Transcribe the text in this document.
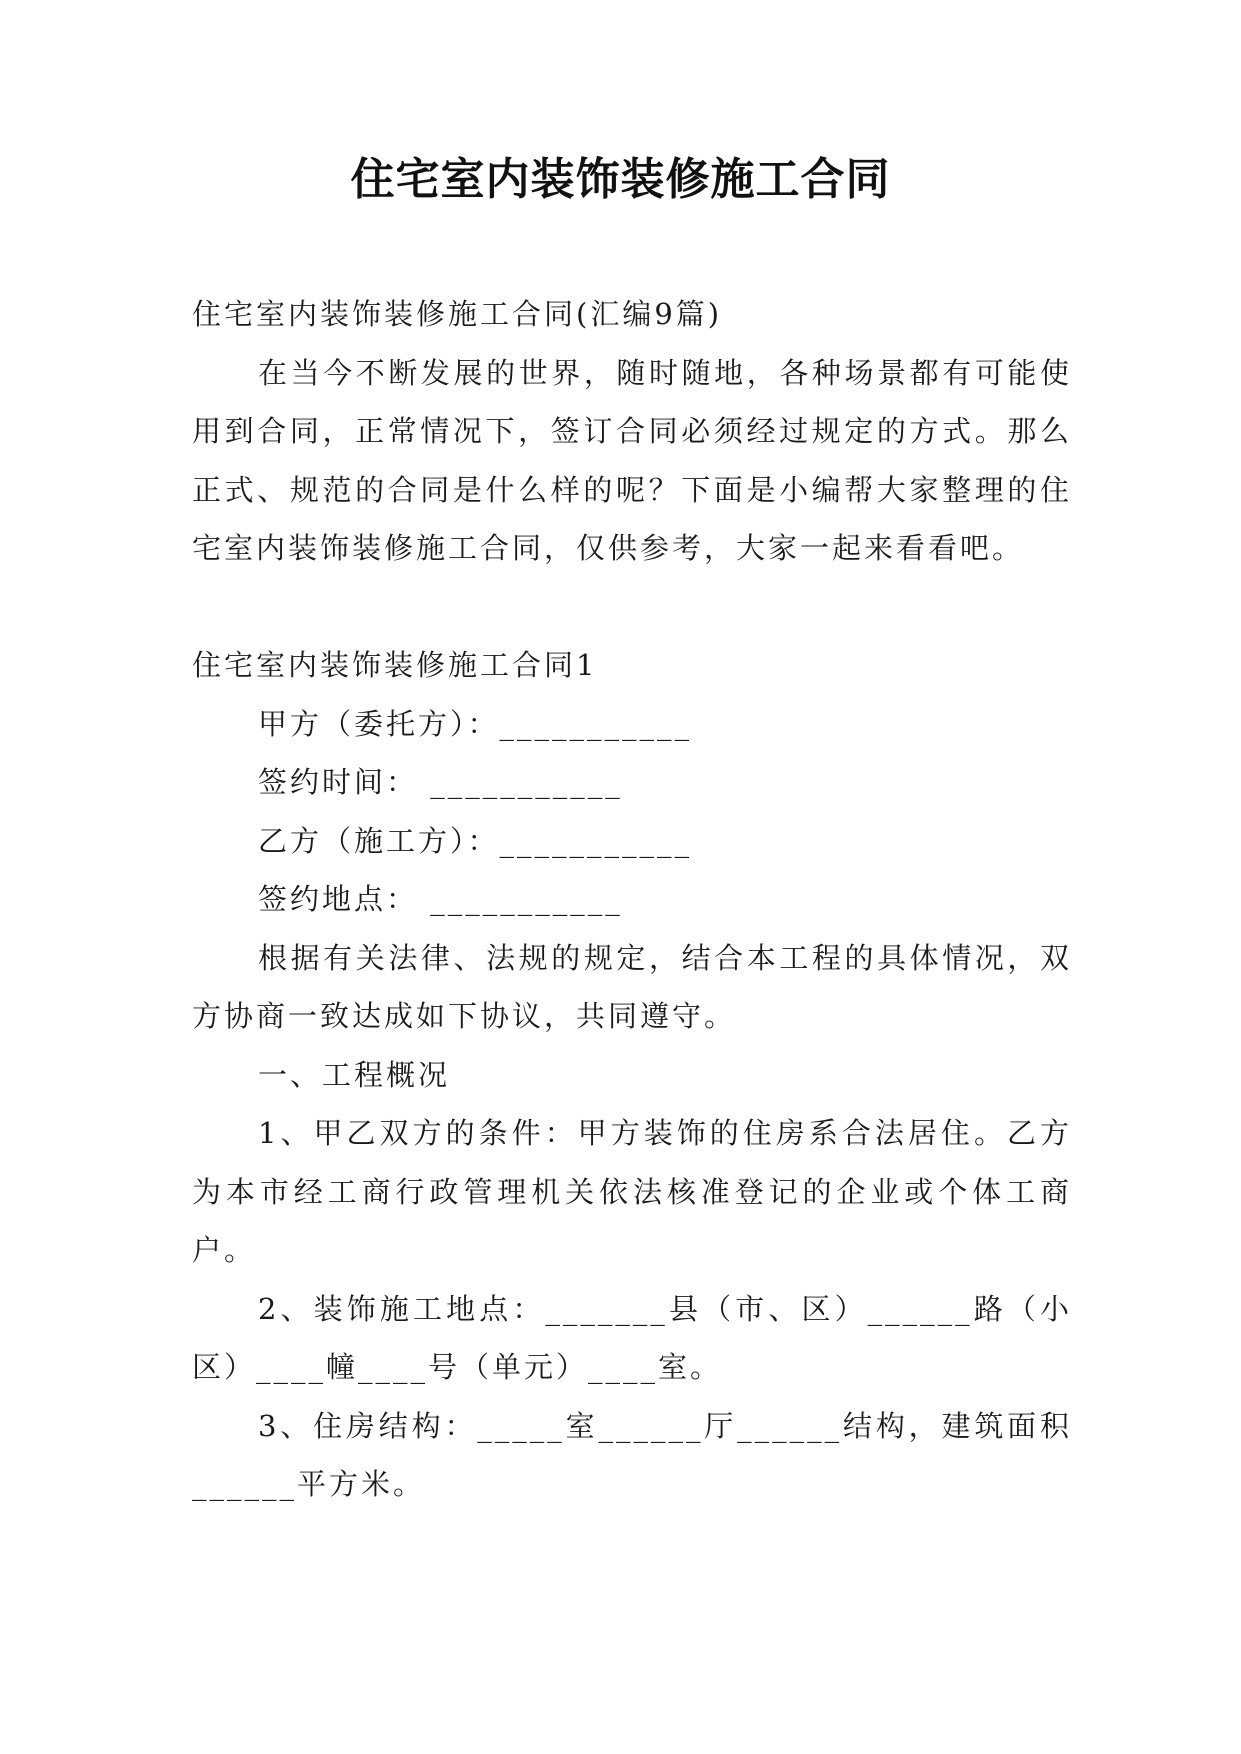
住宅室内装饰装修施工合同

住宅室内装饰装修施工合同(汇编9篇)

在当今不断发展的世界，随时随地，各种场景都有可能使用到合同，正常情况下，签订合同必须经过规定的方式。那么正式、规范的合同是什么样的呢？下面是小编帮大家整理的住宅室内装饰装修施工合同，仅供参考，大家一起来看看吧。

住宅室内装饰装修施工合同1

甲方（委托方）：___________

签约时间： ___________

乙方（施工方）：___________

签约地点： ___________

根据有关法律、法规的规定，结合本工程的具体情况，双方协商一致达成如下协议，共同遵守。

一、工程概况

1、甲乙双方的条件：甲方装饰的住房系合法居住。乙方为本市经工商行政管理机关依法核准登记的企业或个体工商户。

2、装饰施工地点：_______县（市、区）______路（小区）____幢____号（单元）____室。

3、住房结构：_____室______厅______结构，建筑面积______平方米。
